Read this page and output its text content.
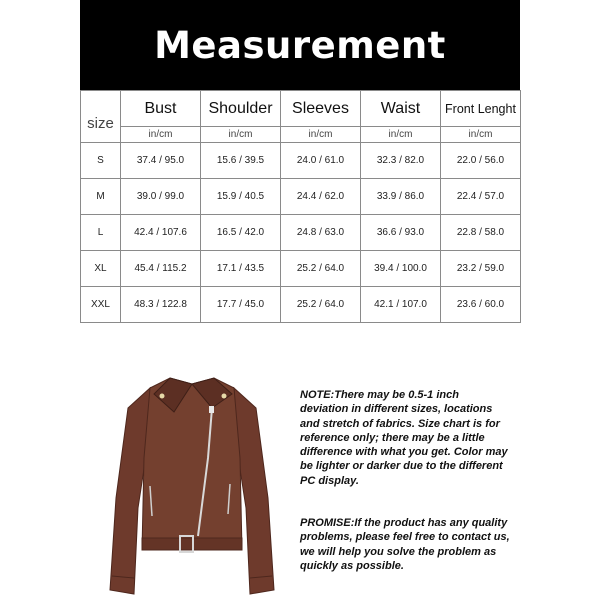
Measurement
size	Bust	Shoulder	Sleeves	Waist	Front Lenght
	in/cm	in/cm	in/cm	in/cm	in/cm
S	37.4 / 95.0	15.6 / 39.5	24.0 / 61.0	32.3 / 82.0	22.0 / 56.0
M	39.0 / 99.0	15.9 / 40.5	24.4 / 62.0	33.9 / 86.0	22.4 / 57.0
L	42.4 / 107.6	16.5 / 42.0	24.8 / 63.0	36.6 / 93.0	22.8 / 58.0
XL	45.4 / 115.2	17.1 / 43.5	25.2 / 64.0	39.4 / 100.0	23.2 / 59.0
XXL	48.3 / 122.8	17.7 / 45.0	25.2 / 64.0	42.1 / 107.0	23.6 / 60.0

NOTE:There may be 0.5-1 inch deviation in different sizes, locations and stretch of fabrics. Size chart is for reference only; there may be a little difference with what you get. Color may be lighter or darker due to the different PC display.

PROMISE:If the product has any quality problems, please feel free to contact us, we will help you solve the problem as quickly as possible.
